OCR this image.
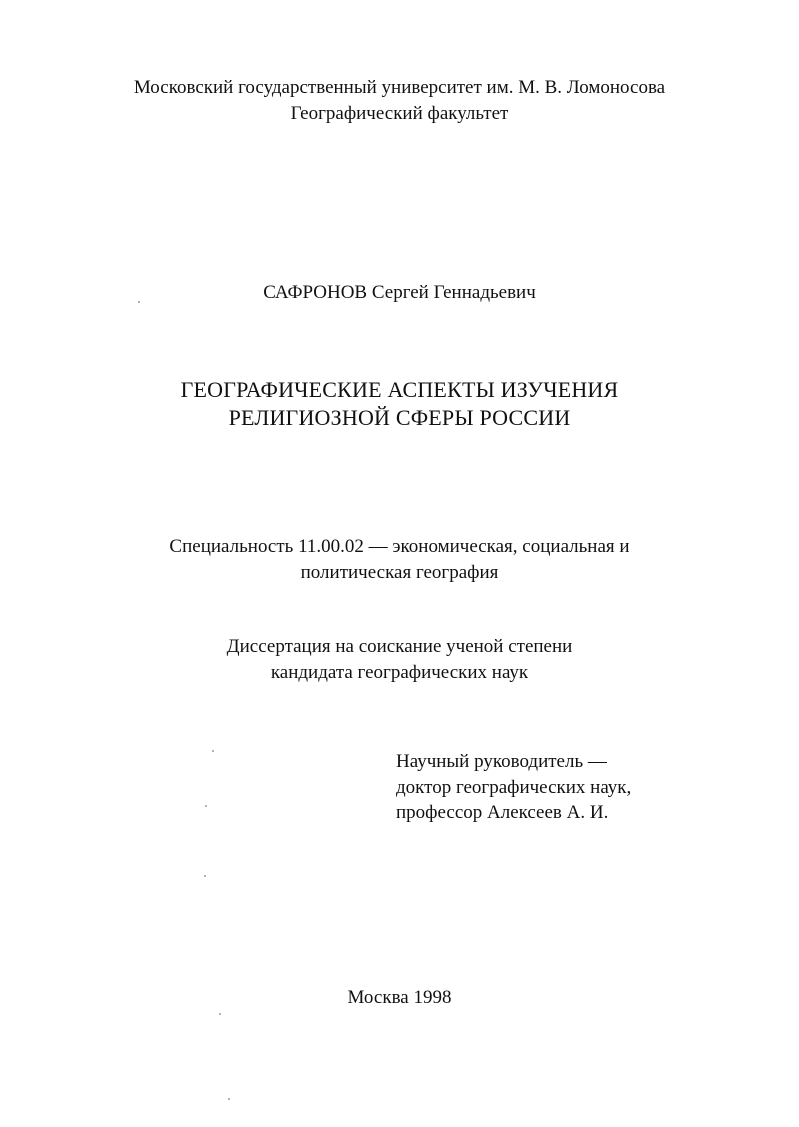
Московский государственный университет им. М. В. Ломоносова
Географический факультет
САФРОНОВ Сергей Геннадьевич
ГЕОГРАФИЧЕСКИЕ АСПЕКТЫ ИЗУЧЕНИЯ
РЕЛИГИОЗНОЙ СФЕРЫ РОССИИ
Специальность 11.00.02 — экономическая, социальная и
политическая география
Диссертация на соискание ученой степени
кандидата географических наук
Научный руководитель —
доктор географических наук,
профессор Алексеев А. И.
Москва 1998
